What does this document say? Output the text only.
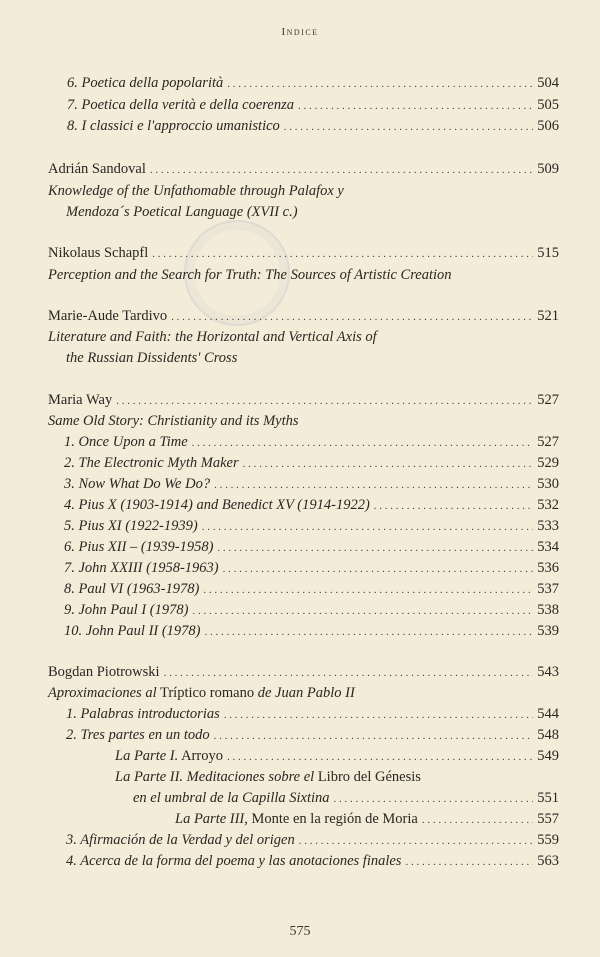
Indice
6. Poetica della popolarità . . .	504
7. Poetica della verità e della coerenza . . .	505
8. I classici e l'approccio umanistico . . .	506
Adrián Sandoval . . .	509
Knowledge of the Unfathomable through Palafox y
Mendoza´s Poetical Language (XVII c.)
Nikolaus Schapfl . . .	515
Perception and the Search for Truth: The Sources of Artistic Creation
Marie-Aude Tardivo . . .	521
Literature and Faith: the Horizontal and Vertical Axis of
the Russian Dissidents' Cross
Maria Way . . .	527
Same Old Story: Christianity and its Myths
1. Once Upon a Time . . .	527
2. The Electronic Myth Maker . . .	529
3. Now What Do We Do? . . .	530
4. Pius X (1903-1914) and Benedict XV (1914-1922) . . .	532
5. Pius XI (1922-1939) . . .	533
6. Pius XII – (1939-1958) . . .	534
7. John XXIII (1958-1963) . . .	536
8. Paul VI (1963-1978) . . .	537
9. John Paul I (1978) . . .	538
10. John Paul II (1978) . . .	539
Bogdan Piotrowski . . .	543
Aproximaciones al Tríptico romano de Juan Pablo II
1. Palabras introductorias . . .	544
2. Tres partes en un todo . . .	548
La Parte I. Arroyo . . .	549
La Parte II. Meditaciones sobre el Libro del Génesis
en el umbral de la Capilla Sixtina . . .	551
La Parte III, Monte en la región de Moria . . .	557
3. Afirmación de la Verdad y del origen . . .	559
4. Acerca de la forma del poema y las anotaciones finales . . .	563
575
